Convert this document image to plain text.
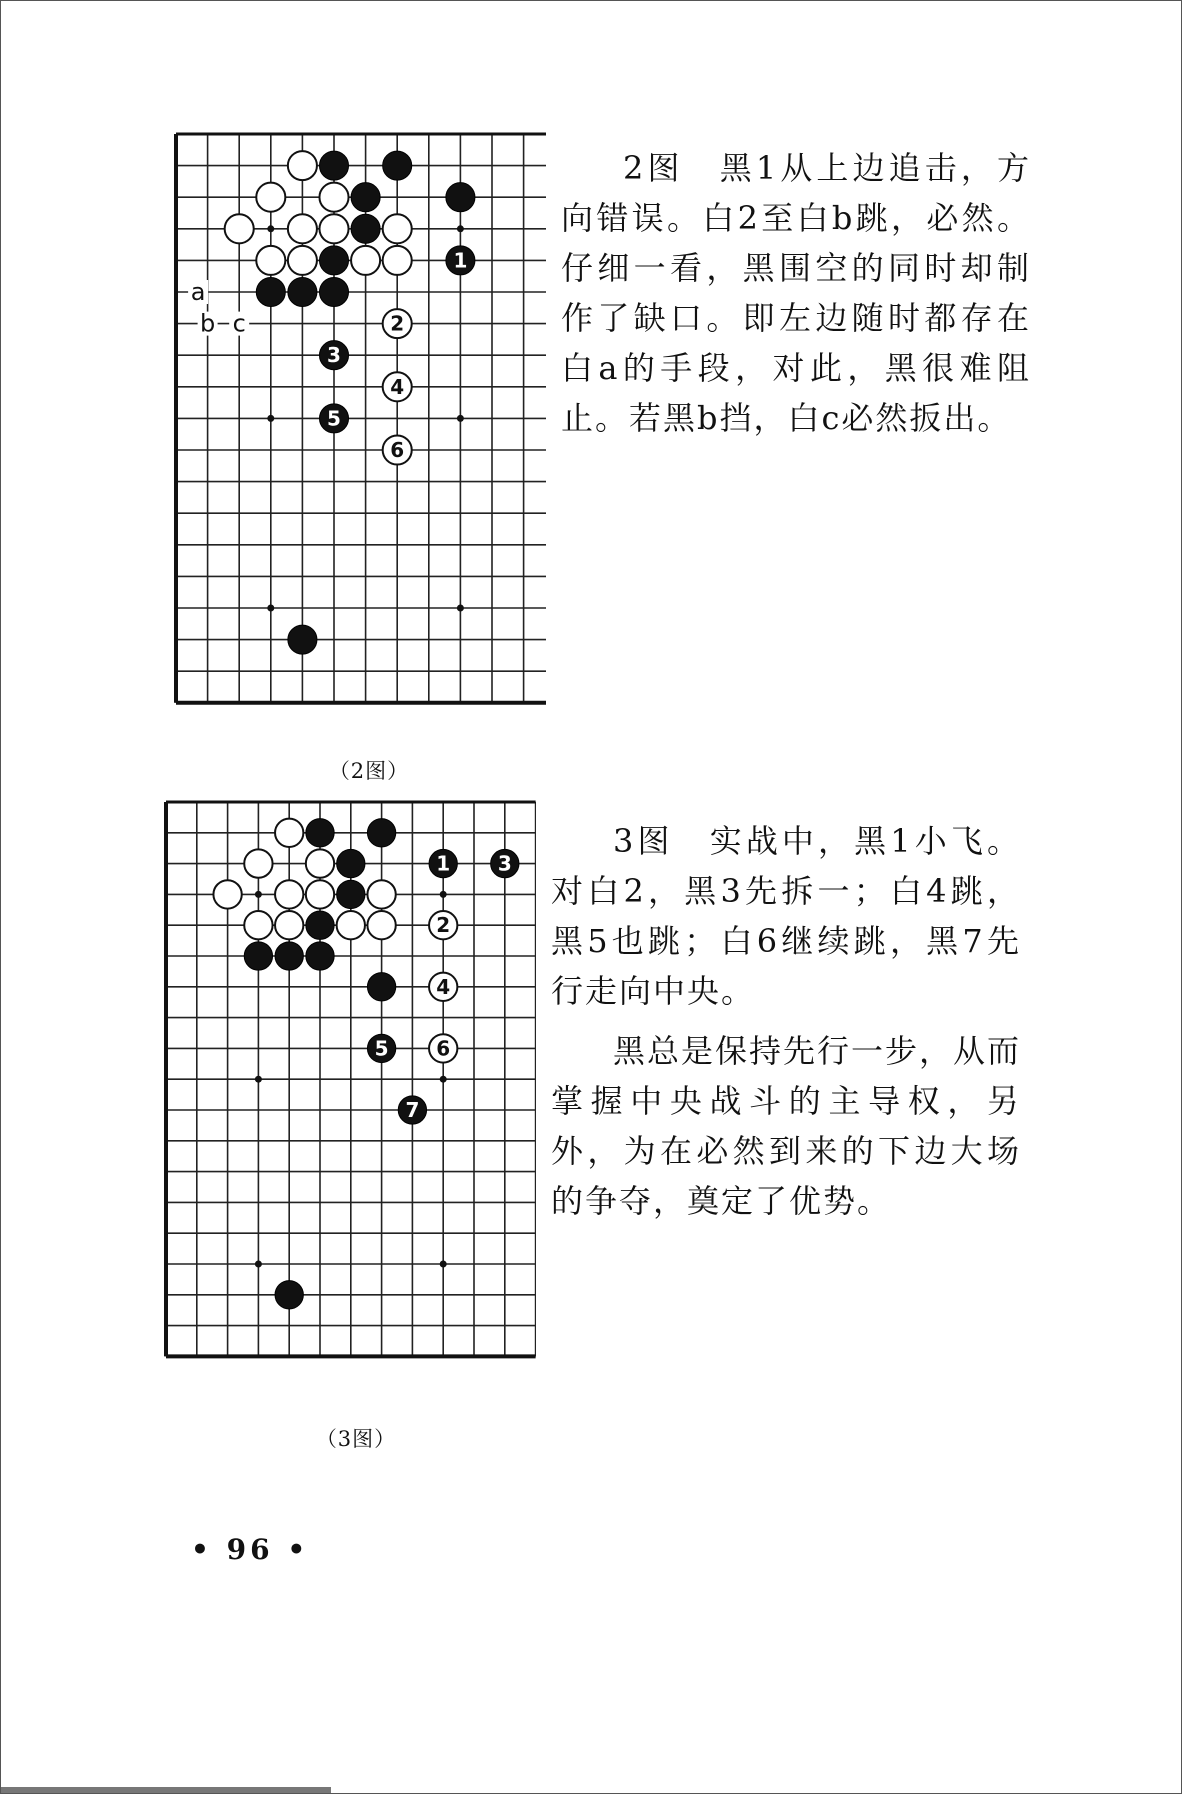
1
2
3
4
5
6
a
b c
（2图）

2图　黑1从上边追击，方向错误。白2至白b跳，必然。仔细一看，黑围空的同时却制作了缺口。即左边随时都存在白a的手段，对此，黑很难阻止。若黑b挡，白c必然扳出。

1 3
2
4
5 6
7
（3图）

3图　实战中，黑1小飞。对白2，黑3先拆一；白4跳，黑5也跳；白6继续跳，黑7先行走向中央。

黑总是保持先行一步，从而掌握中央战斗的主导权，另外，为在必然到来的下边大场的争夺，奠定了优势。

• 96 •
